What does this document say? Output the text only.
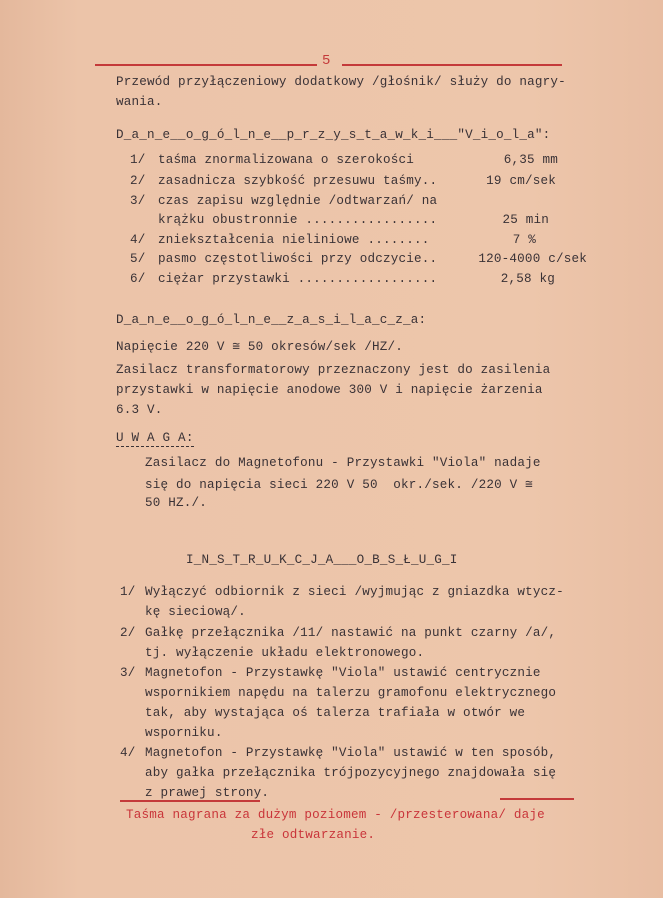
5
Przewód przyłączeniowy dodatkowy /głośnik/ służy do nagry-
wania.
D_a_n_e__o_g_ó_l_n_e__p_r_z_y_s_t_a_w_k_i___"V_i_o_l_a":
1/ taśma znormalizowana o szerokości	6,35 mm
2/ zasadnicza szybkość przesuwu taśmy..	19 cm/sek
3/ czas zapisu względnie /odtwarzań/ na
krążku obustronnie .................	25 min
4/ zniekształcenia nieliniowe ........	7 %
5/ pasmo częstotliwości przy odczycie..	120-4000 c/sek
6/ ciężar przystawki ..................	2,58 kg
D_a_n_e__o_g_ó_l_n_e__z_a_s_i_l_a_c_z_a:
Napięcie 220 V ≅ 50 okresów/sek /HZ/.
Zasilacz transformatorowy przeznaczony jest do zasilenia
przystawki w napięcie anodowe 300 V i napięcie żarzenia
6.3 V.
U W A G A:
Zasilacz do Magnetofonu - Przystawki "Viola" nadaje
się do napięcia sieci 220 V 50  okr./sek. /220 V ≅
50 HZ./.
I_N_S_T_R_U_K_C_J_A___O_B_S_Ł_U_G_I
1/ Wyłączyć odbiornik z sieci /wyjmując z gniazdka wtycz-
kę sieciową/.
2/ Gałkę przełącznika /11/ nastawić na punkt czarny /a/,
tj. wyłączenie układu elektronowego.
3/ Magnetofon - Przystawkę "Viola" ustawić centrycznie
wspornikiem napędu na talerzu gramofonu elektrycznego
tak, aby wystająca oś talerza trafiała w otwór we
wsporniku.
4/ Magnetofon - Przystawkę "Viola" ustawić w ten sposób,
aby gałka przełącznika trójpozycyjnego znajdowała się
z prawej strony.
Taśma nagrana za dużym poziomem - /przesterowana/ daje
złe odtwarzanie.
